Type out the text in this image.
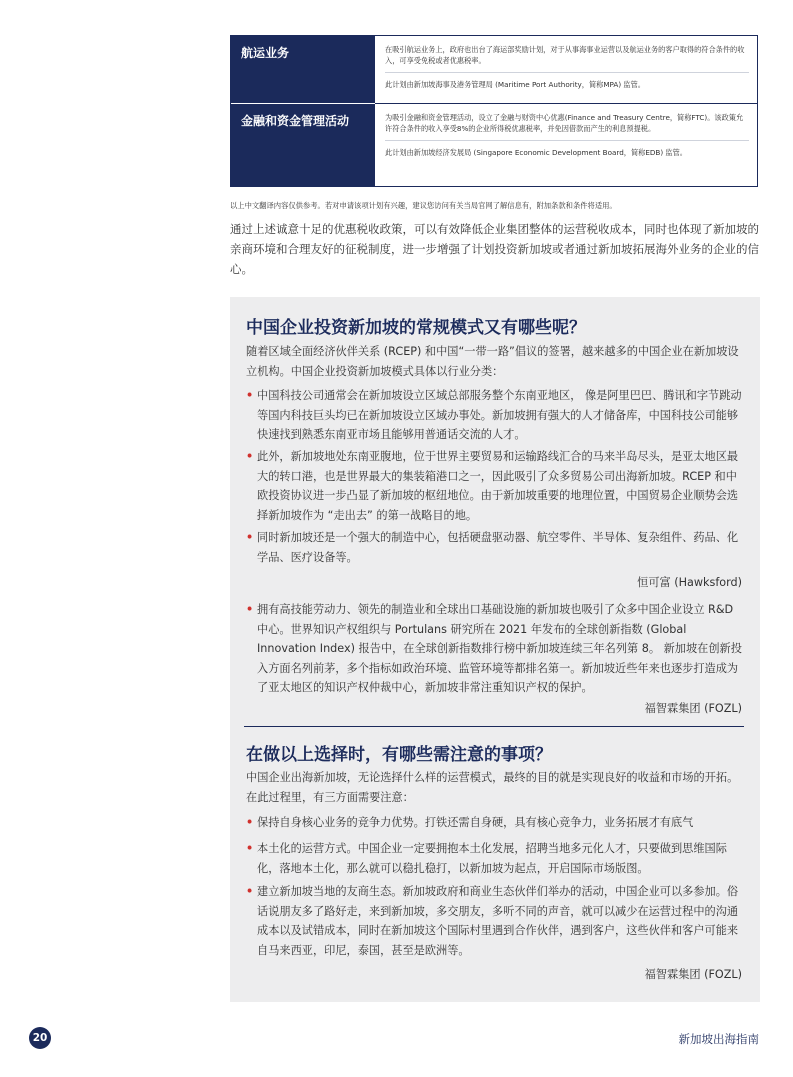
航运业务	在吸引航运业务上，政府也出台了海运部奖励计划，对于从事海事业运营以及航运业务的客户取得的符合条件的收入，可享受免税或者优惠税率。

此计划由新加坡海事及港务管理局 (Maritime Port Authority，简称MPA) 监管。

金融和资金管理活动	为吸引金融和资金管理活动，设立了金融与财资中心优惠(Finance and Treasury Centre，简称FTC)。该政策允许符合条件的收入享受8%的企业所得税优惠税率，并免因借款而产生的利息预提税。

此计划由新加坡经济发展局 (Singapore Economic Development Board，简称EDB) 监管。

以上中文翻译内容仅供参考。若对申请该项计划有兴趣，建议您访问有关当局官网了解信息有，附加条款和条件将适用。
通过上述诚意十足的优惠税收政策，可以有效降低企业集团整体的运营税收成本，同时也体现了新加坡的亲商环境和合理友好的征税制度，进一步增强了计划投资新加坡或者通过新加坡拓展海外业务的企业的信心。
中国企业投资新加坡的常规模式又有哪些呢？
随着区域全面经济伙伴关系 (RCEP) 和中国“一带一路”倡议的签署，越来越多的中国企业在新加坡设立机构。中国企业投资新加坡模式具体以行业分类：
• 中国科技公司通常会在新加坡设立区域总部服务整个东南亚地区， 像是阿里巴巴、腾讯和字节跳动等国内科技巨头均已在新加坡设立区域办事处。新加坡拥有强大的人才储备库，中国科技公司能够快速找到熟悉东南亚市场且能够用普通话交流的人才。
• 此外，新加坡地处东南亚腹地，位于世界主要贸易和运输路线汇合的马来半岛尽头，是亚太地区最大的转口港，也是世界最大的集装箱港口之一，因此吸引了众多贸易公司出海新加坡。RCEP 和中欧投资协议进一步凸显了新加坡的枢纽地位。由于新加坡重要的地理位置，中国贸易企业顺势会选择新加坡作为 “走出去” 的第一战略目的地。
• 同时新加坡还是一个强大的制造中心，包括硬盘驱动器、航空零件、半导体、复杂组件、药品、化学品、医疗设备等。
恒可富 (Hawksford)
• 拥有高技能劳动力、领先的制造业和全球出口基础设施的新加坡也吸引了众多中国企业设立 R&D 中心。世界知识产权组织与 Portulans 研究所在 2021 年发布的全球创新指数 (Global Innovation Index) 报告中，在全球创新指数排行榜中新加坡连续三年名列第 8。 新加坡在创新投入方面名列前茅，多个指标如政治环境、监管环境等都排名第一。新加坡近些年来也逐步打造成为了亚太地区的知识产权仲裁中心，新加坡非常注重知识产权的保护。
福智霖集团 (FOZL)
在做以上选择时，有哪些需注意的事项？
中国企业出海新加坡，无论选择什么样的运营模式，最终的目的就是实现良好的收益和市场的开拓。在此过程里，有三方面需要注意：
• 保持自身核心业务的竞争力优势。打铁还需自身硬，具有核心竞争力，业务拓展才有底气
• 本土化的运营方式。中国企业一定要拥抱本土化发展，招聘当地多元化人才，只要做到思维国际化，落地本土化，那么就可以稳扎稳打，以新加坡为起点，开启国际市场版图。
• 建立新加坡当地的友商生态。新加坡政府和商业生态伙伴们举办的活动，中国企业可以多参加。俗话说朋友多了路好走，来到新加坡，多交朋友，多听不同的声音，就可以减少在运营过程中的沟通成本以及试错成本，同时在新加坡这个国际村里遇到合作伙伴，遇到客户，这些伙伴和客户可能来自马来西亚，印尼，泰国，甚至是欧洲等。
福智霖集团 (FOZL)
20	新加坡出海指南
